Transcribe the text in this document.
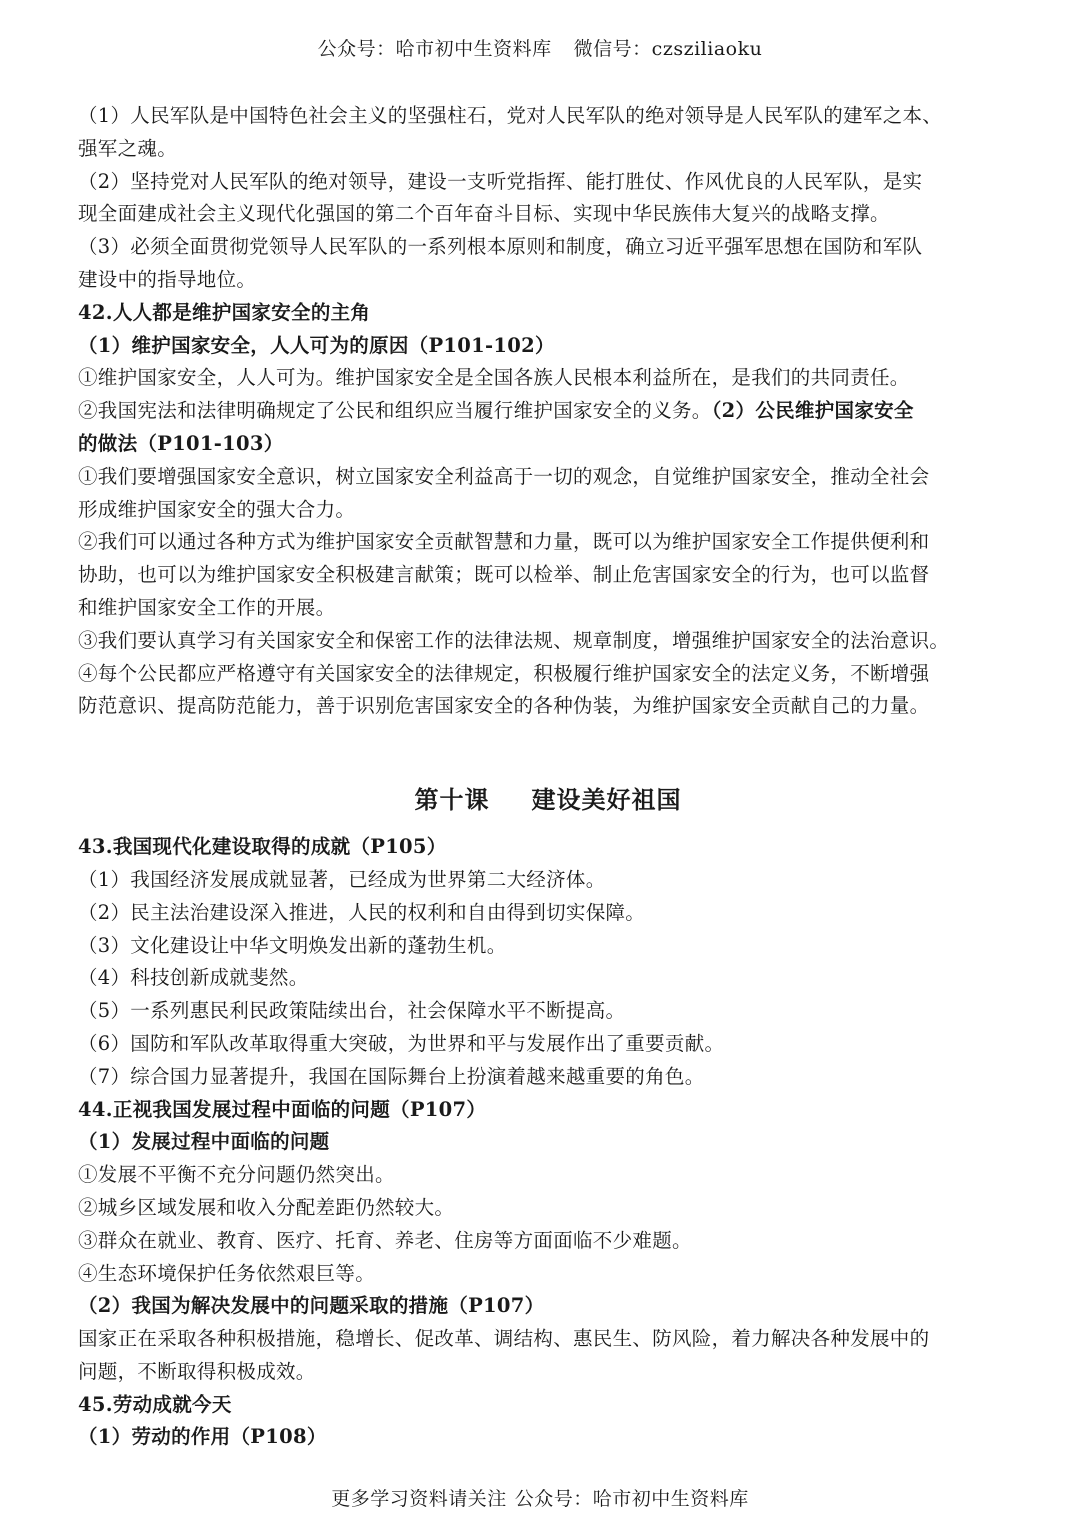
公众号：哈市初中生资料库 微信号：czsziliaoku
（1）人民军队是中国特色社会主义的坚强柱石，党对人民军队的绝对领导是人民军队的建军之本、
强军之魂。
（2）坚持党对人民军队的绝对领导，建设一支听党指挥、能打胜仗、作风优良的人民军队，是实
现全面建成社会主义现代化强国的第二个百年奋斗目标、实现中华民族伟大复兴的战略支撑。
（3）必须全面贯彻党领导人民军队的一系列根本原则和制度，确立习近平强军思想在国防和军队
建设中的指导地位。
42.人人都是维护国家安全的主角
（1）维护国家安全，人人可为的原因（P101-102）
①维护国家安全，人人可为。维护国家安全是全国各族人民根本利益所在，是我们的共同责任。
②我国宪法和法律明确规定了公民和组织应当履行维护国家安全的义务。（2）公民维护国家安全
的做法（P101-103）
①我们要增强国家安全意识，树立国家安全利益高于一切的观念，自觉维护国家安全，推动全社会
形成维护国家安全的强大合力。
②我们可以通过各种方式为维护国家安全贡献智慧和力量，既可以为维护国家安全工作提供便利和
协助，也可以为维护国家安全积极建言献策；既可以检举、制止危害国家安全的行为，也可以监督
和维护国家安全工作的开展。
③我们要认真学习有关国家安全和保密工作的法律法规、规章制度，增强维护国家安全的法治意识。
④每个公民都应严格遵守有关国家安全的法律规定，积极履行维护国家安全的法定义务，不断增强
防范意识、提高防范能力，善于识别危害国家安全的各种伪装，为维护国家安全贡献自己的力量。
第十课 建设美好祖国
43.我国现代化建设取得的成就（P105）
（1）我国经济发展成就显著，已经成为世界第二大经济体。
（2）民主法治建设深入推进，人民的权利和自由得到切实保障。
（3）文化建设让中华文明焕发出新的蓬勃生机。
（4）科技创新成就斐然。
（5）一系列惠民利民政策陆续出台，社会保障水平不断提高。
（6）国防和军队改革取得重大突破，为世界和平与发展作出了重要贡献。
（7）综合国力显著提升，我国在国际舞台上扮演着越来越重要的角色。
44.正视我国发展过程中面临的问题（P107）
（1）发展过程中面临的问题
①发展不平衡不充分问题仍然突出。
②城乡区域发展和收入分配差距仍然较大。
③群众在就业、教育、医疗、托育、养老、住房等方面面临不少难题。
④生态环境保护任务依然艰巨等。
（2）我国为解决发展中的问题采取的措施（P107）
国家正在采取各种积极措施，稳增长、促改革、调结构、惠民生、防风险，着力解决各种发展中的
问题，不断取得积极成效。
45.劳动成就今天
（1）劳动的作用（P108）
更多学习资料请关注 公众号：哈市初中生资料库
